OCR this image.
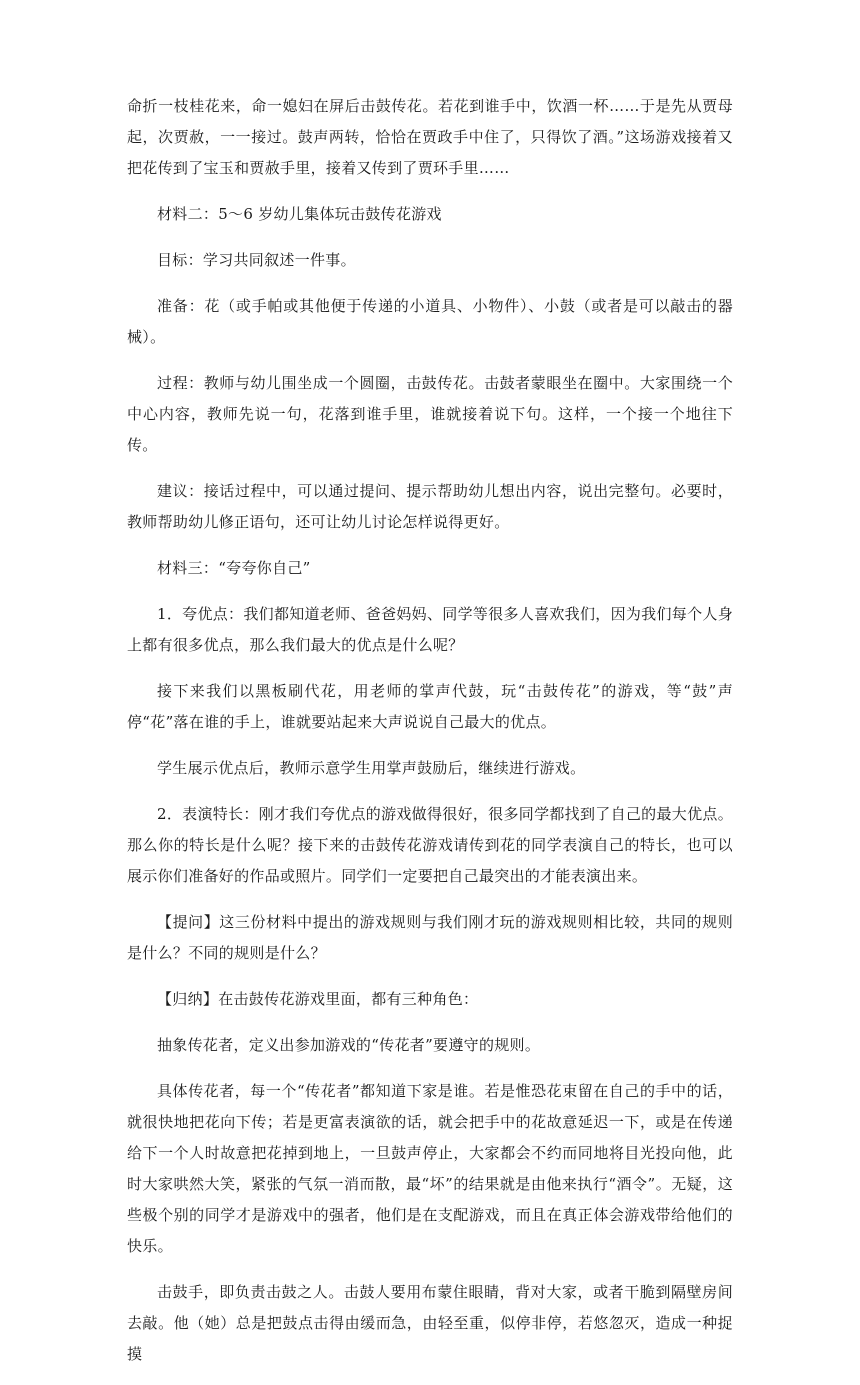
命折一枝桂花来，命一媳妇在屏后击鼓传花。若花到谁手中，饮酒一杯……于是先从贾母起，次贾赦，一一接过。鼓声两转，恰恰在贾政手中住了，只得饮了酒。”这场游戏接着又把花传到了宝玉和贾赦手里，接着又传到了贾环手里……

材料二：5～6 岁幼儿集体玩击鼓传花游戏

目标：学习共同叙述一件事。

准备：花（或手帕或其他便于传递的小道具、小物件）、小鼓（或者是可以敲击的器械）。

过程：教师与幼儿围坐成一个圆圈，击鼓传花。击鼓者蒙眼坐在圈中。大家围绕一个中心内容，教师先说一句，花落到谁手里，谁就接着说下句。这样，一个接一个地往下传。

建议：接话过程中，可以通过提问、提示帮助幼儿想出内容，说出完整句。必要时，教师帮助幼儿修正语句，还可让幼儿讨论怎样说得更好。

材料三：“夸夸你自己”

1．夸优点：我们都知道老师、爸爸妈妈、同学等很多人喜欢我们，因为我们每个人身上都有很多优点，那么我们最大的优点是什么呢？

接下来我们以黑板刷代花，用老师的掌声代鼓，玩“击鼓传花”的游戏，等“鼓”声停“花”落在谁的手上，谁就要站起来大声说说自己最大的优点。

学生展示优点后，教师示意学生用掌声鼓励后，继续进行游戏。

2．表演特长：刚才我们夸优点的游戏做得很好，很多同学都找到了自己的最大优点。那么你的特长是什么呢？接下来的击鼓传花游戏请传到花的同学表演自己的特长，也可以展示你们准备好的作品或照片。同学们一定要把自己最突出的才能表演出来。

【提问】这三份材料中提出的游戏规则与我们刚才玩的游戏规则相比较，共同的规则是什么？不同的规则是什么？

【归纳】在击鼓传花游戏里面，都有三种角色：

抽象传花者，定义出参加游戏的“传花者”要遵守的规则。

具体传花者，每一个“传花者”都知道下家是谁。若是惟恐花束留在自己的手中的话，就很快地把花向下传；若是更富表演欲的话，就会把手中的花故意延迟一下，或是在传递给下一个人时故意把花掉到地上，一旦鼓声停止，大家都会不约而同地将目光投向他，此时大家哄然大笑，紧张的气氛一消而散，最“坏”的结果就是由他来执行“酒令”。无疑，这些极个别的同学才是游戏中的强者，他们是在支配游戏，而且在真正体会游戏带给他们的快乐。

击鼓手，即负责击鼓之人。击鼓人要用布蒙住眼睛，背对大家，或者干脆到隔壁房间去敲。他（她）总是把鼓点击得由缓而急，由轻至重，似停非停，若悠忽灭，造成一种捉摸
